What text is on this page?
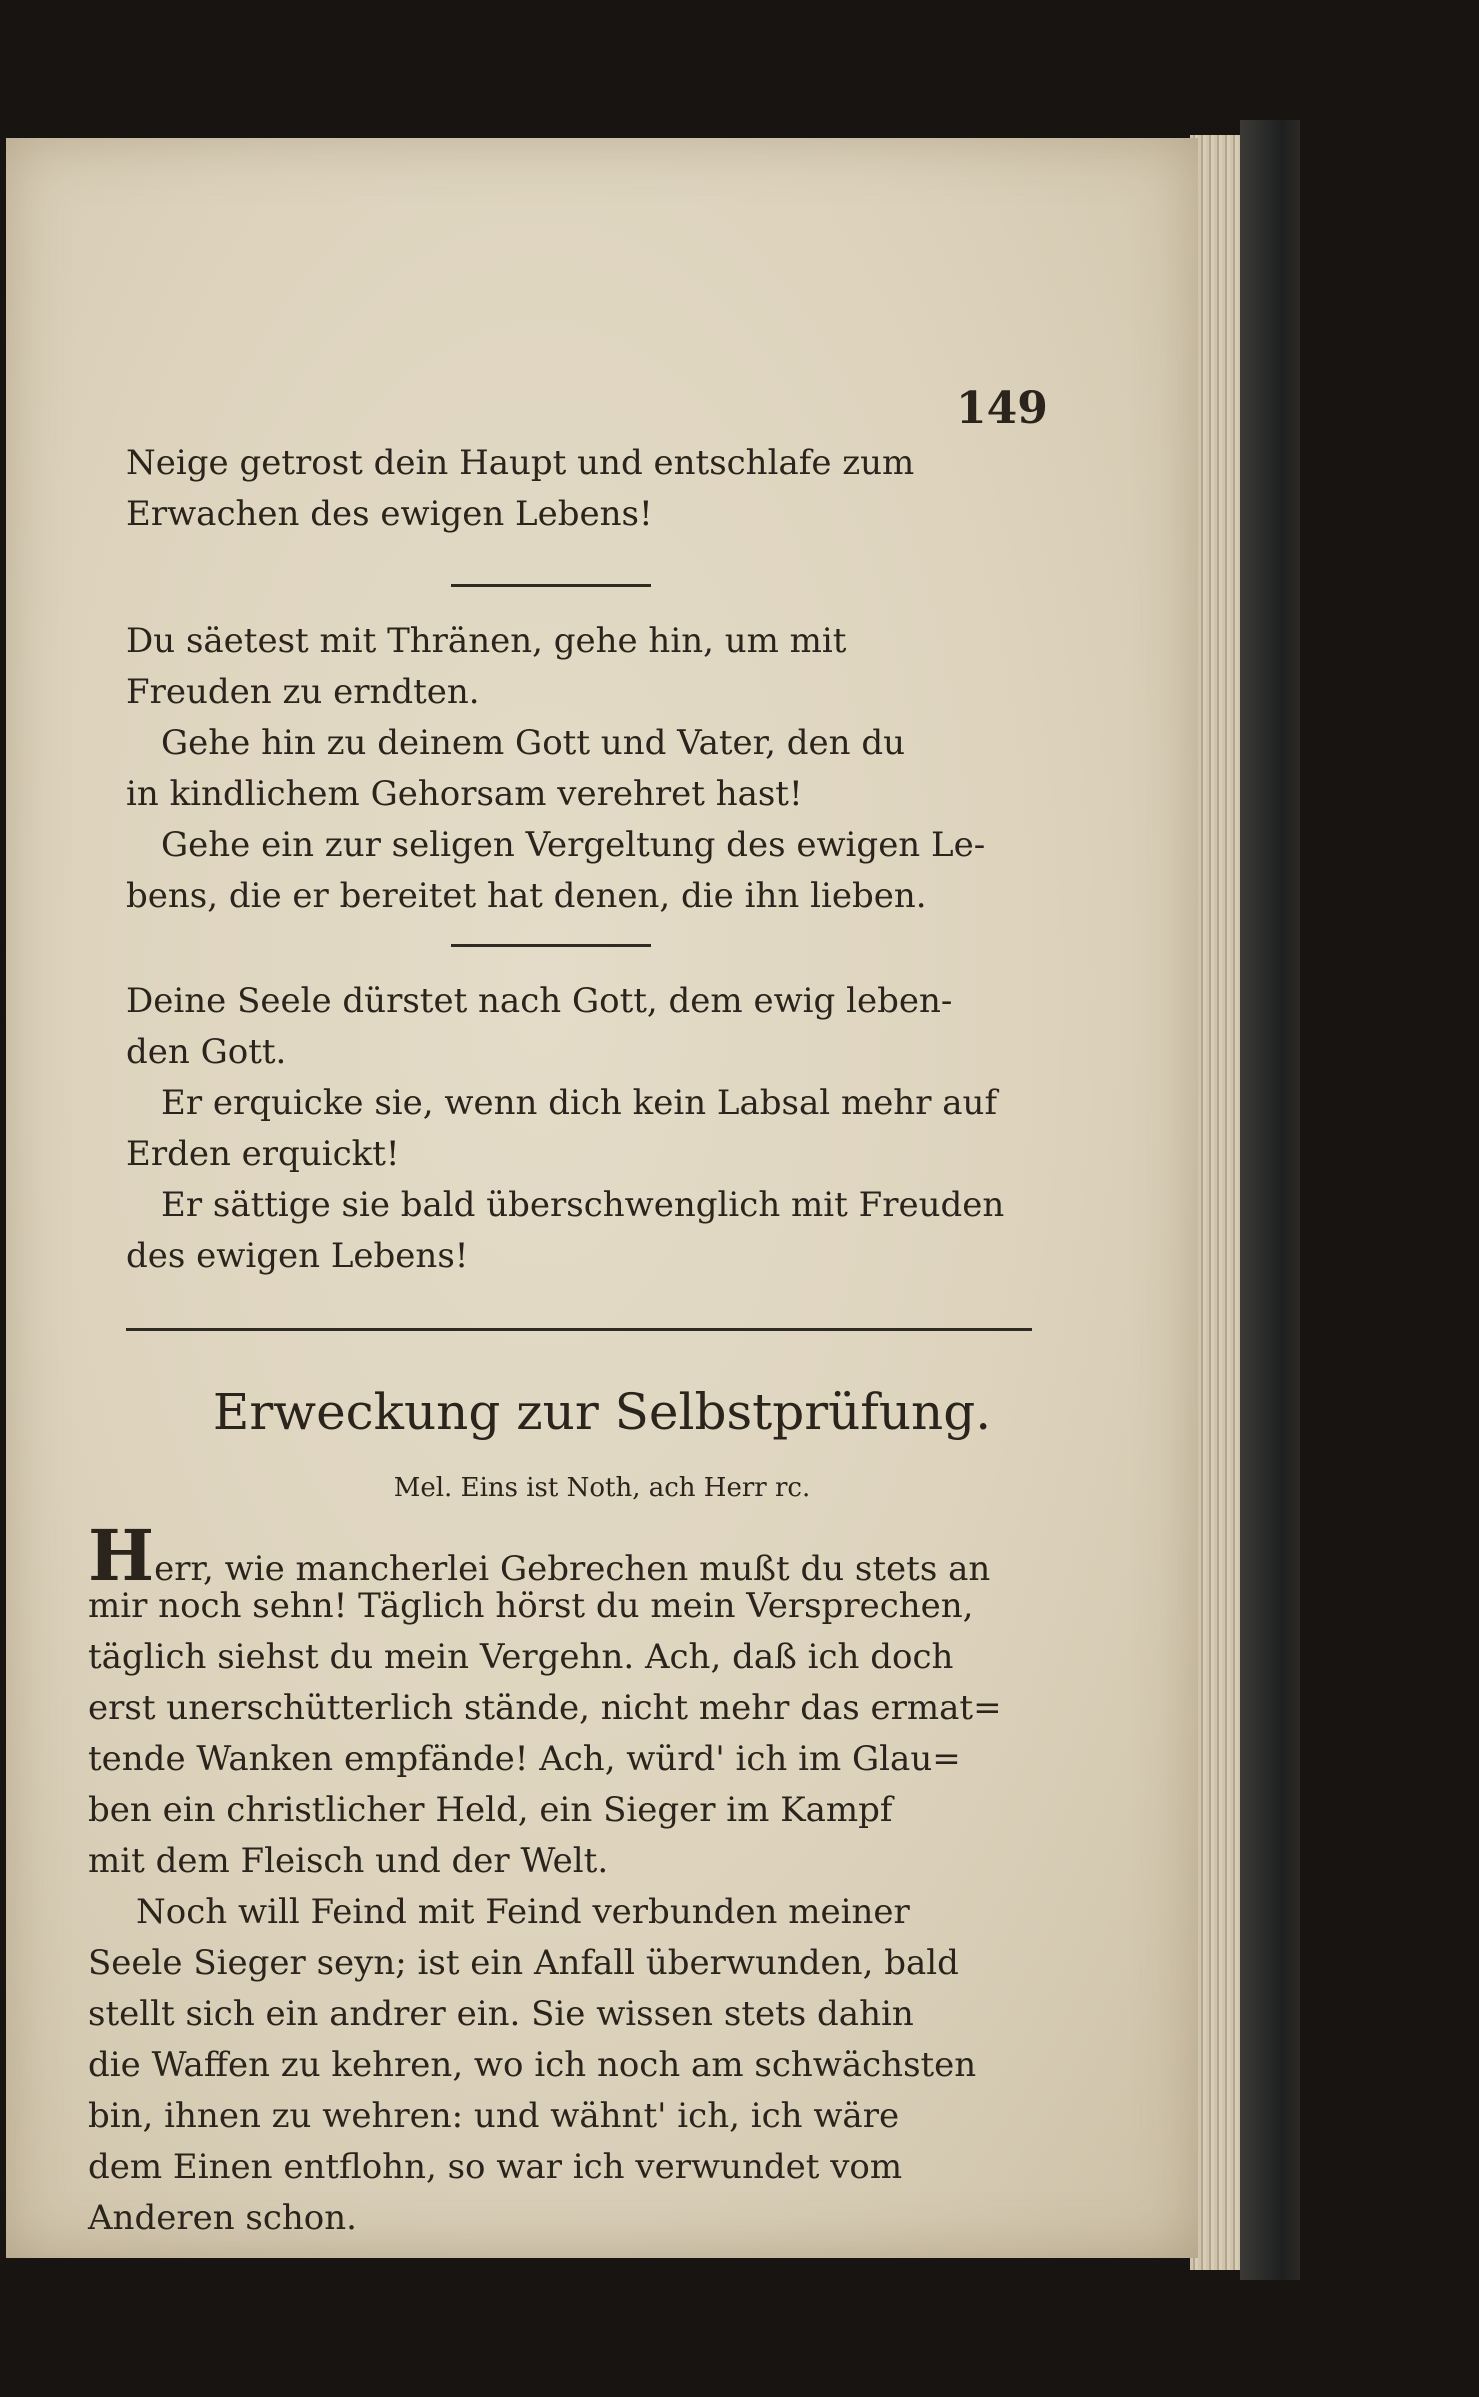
149
Neige getrost dein Haupt und entschlafe zum
Erwachen des ewigen Lebens!
Du säetest mit Thränen, gehe hin, um mit
Freuden zu erndten.
Gehe hin zu deinem Gott und Vater, den du
in kindlichem Gehorsam verehret hast!
Gehe ein zur seligen Vergeltung des ewigen Le-
bens, die er bereitet hat denen, die ihn lieben.
Deine Seele dürstet nach Gott, dem ewig leben-
den Gott.
Er erquicke sie, wenn dich kein Labsal mehr auf
Erden erquickt!
Er sättige sie bald überschwenglich mit Freuden
des ewigen Lebens!
Erweckung zur Selbstprüfung.
Mel. Eins ist Noth, ach Herr rc.
Herr, wie mancherlei Gebrechen mußt du stets an
mir noch sehn! Täglich hörst du mein Versprechen,
täglich siehst du mein Vergehn. Ach, daß ich doch
erst unerschütterlich stände, nicht mehr das ermat=
tende Wanken empfände! Ach, würd' ich im Glau=
ben ein christlicher Held, ein Sieger im Kampf
mit dem Fleisch und der Welt.
Noch will Feind mit Feind verbunden meiner
Seele Sieger seyn; ist ein Anfall überwunden, bald
stellt sich ein andrer ein. Sie wissen stets dahin
die Waffen zu kehren, wo ich noch am schwächsten
bin, ihnen zu wehren: und wähnt' ich, ich wäre
dem Einen entflohn, so war ich verwundet vom
Anderen schon.
